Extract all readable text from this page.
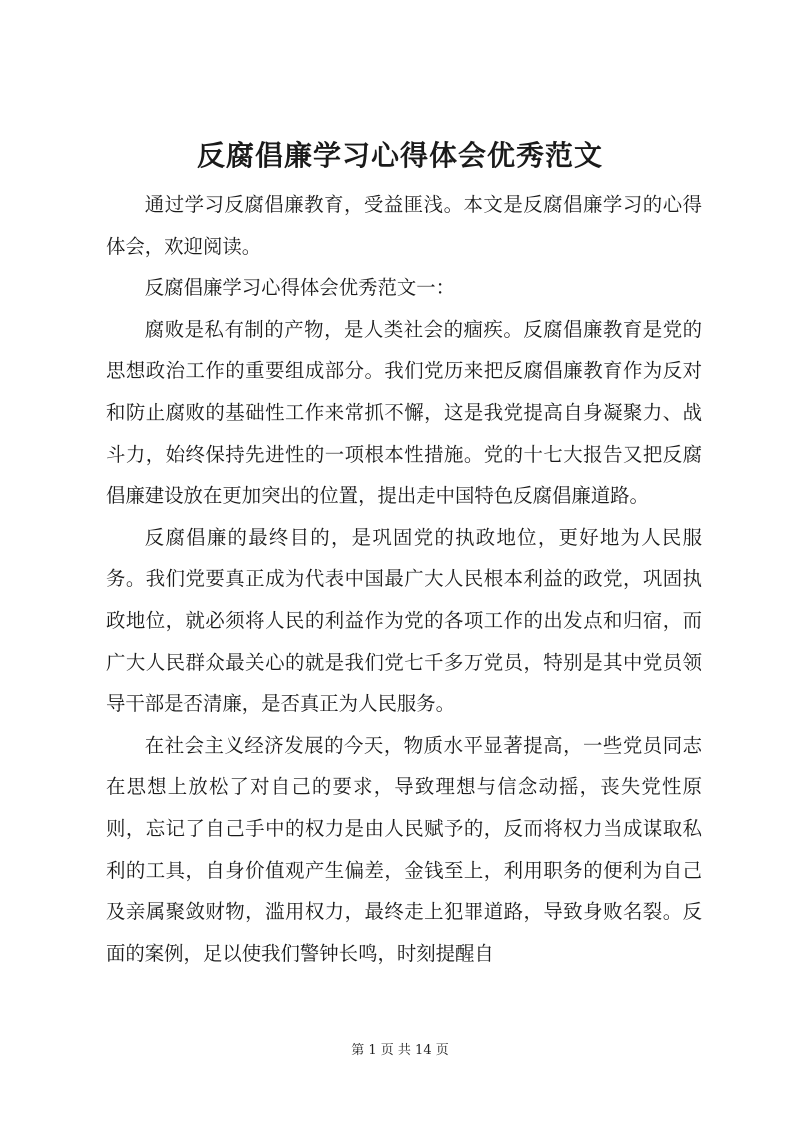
反腐倡廉学习心得体会优秀范文

通过学习反腐倡廉教育，受益匪浅。本文是反腐倡廉学习的心得体会，欢迎阅读。

反腐倡廉学习心得体会优秀范文一：

腐败是私有制的产物，是人类社会的痼疾。反腐倡廉教育是党的思想政治工作的重要组成部分。我们党历来把反腐倡廉教育作为反对和防止腐败的基础性工作来常抓不懈，这是我党提高自身凝聚力、战斗力，始终保持先进性的一项根本性措施。党的十七大报告又把反腐倡廉建设放在更加突出的位置，提出走中国特色反腐倡廉道路。

反腐倡廉的最终目的，是巩固党的执政地位，更好地为人民服务。我们党要真正成为代表中国最广大人民根本利益的政党，巩固执政地位，就必须将人民的利益作为党的各项工作的出发点和归宿，而广大人民群众最关心的就是我们党七千多万党员，特别是其中党员领导干部是否清廉，是否真正为人民服务。

在社会主义经济发展的今天，物质水平显著提高，一些党员同志在思想上放松了对自己的要求，导致理想与信念动摇，丧失党性原则，忘记了自己手中的权力是由人民赋予的，反而将权力当成谋取私利的工具，自身价值观产生偏差，金钱至上，利用职务的便利为自己及亲属聚敛财物，滥用权力，最终走上犯罪道路，导致身败名裂。反面的案例，足以使我们警钟长鸣，时刻提醒自

第 1 页 共 14 页
